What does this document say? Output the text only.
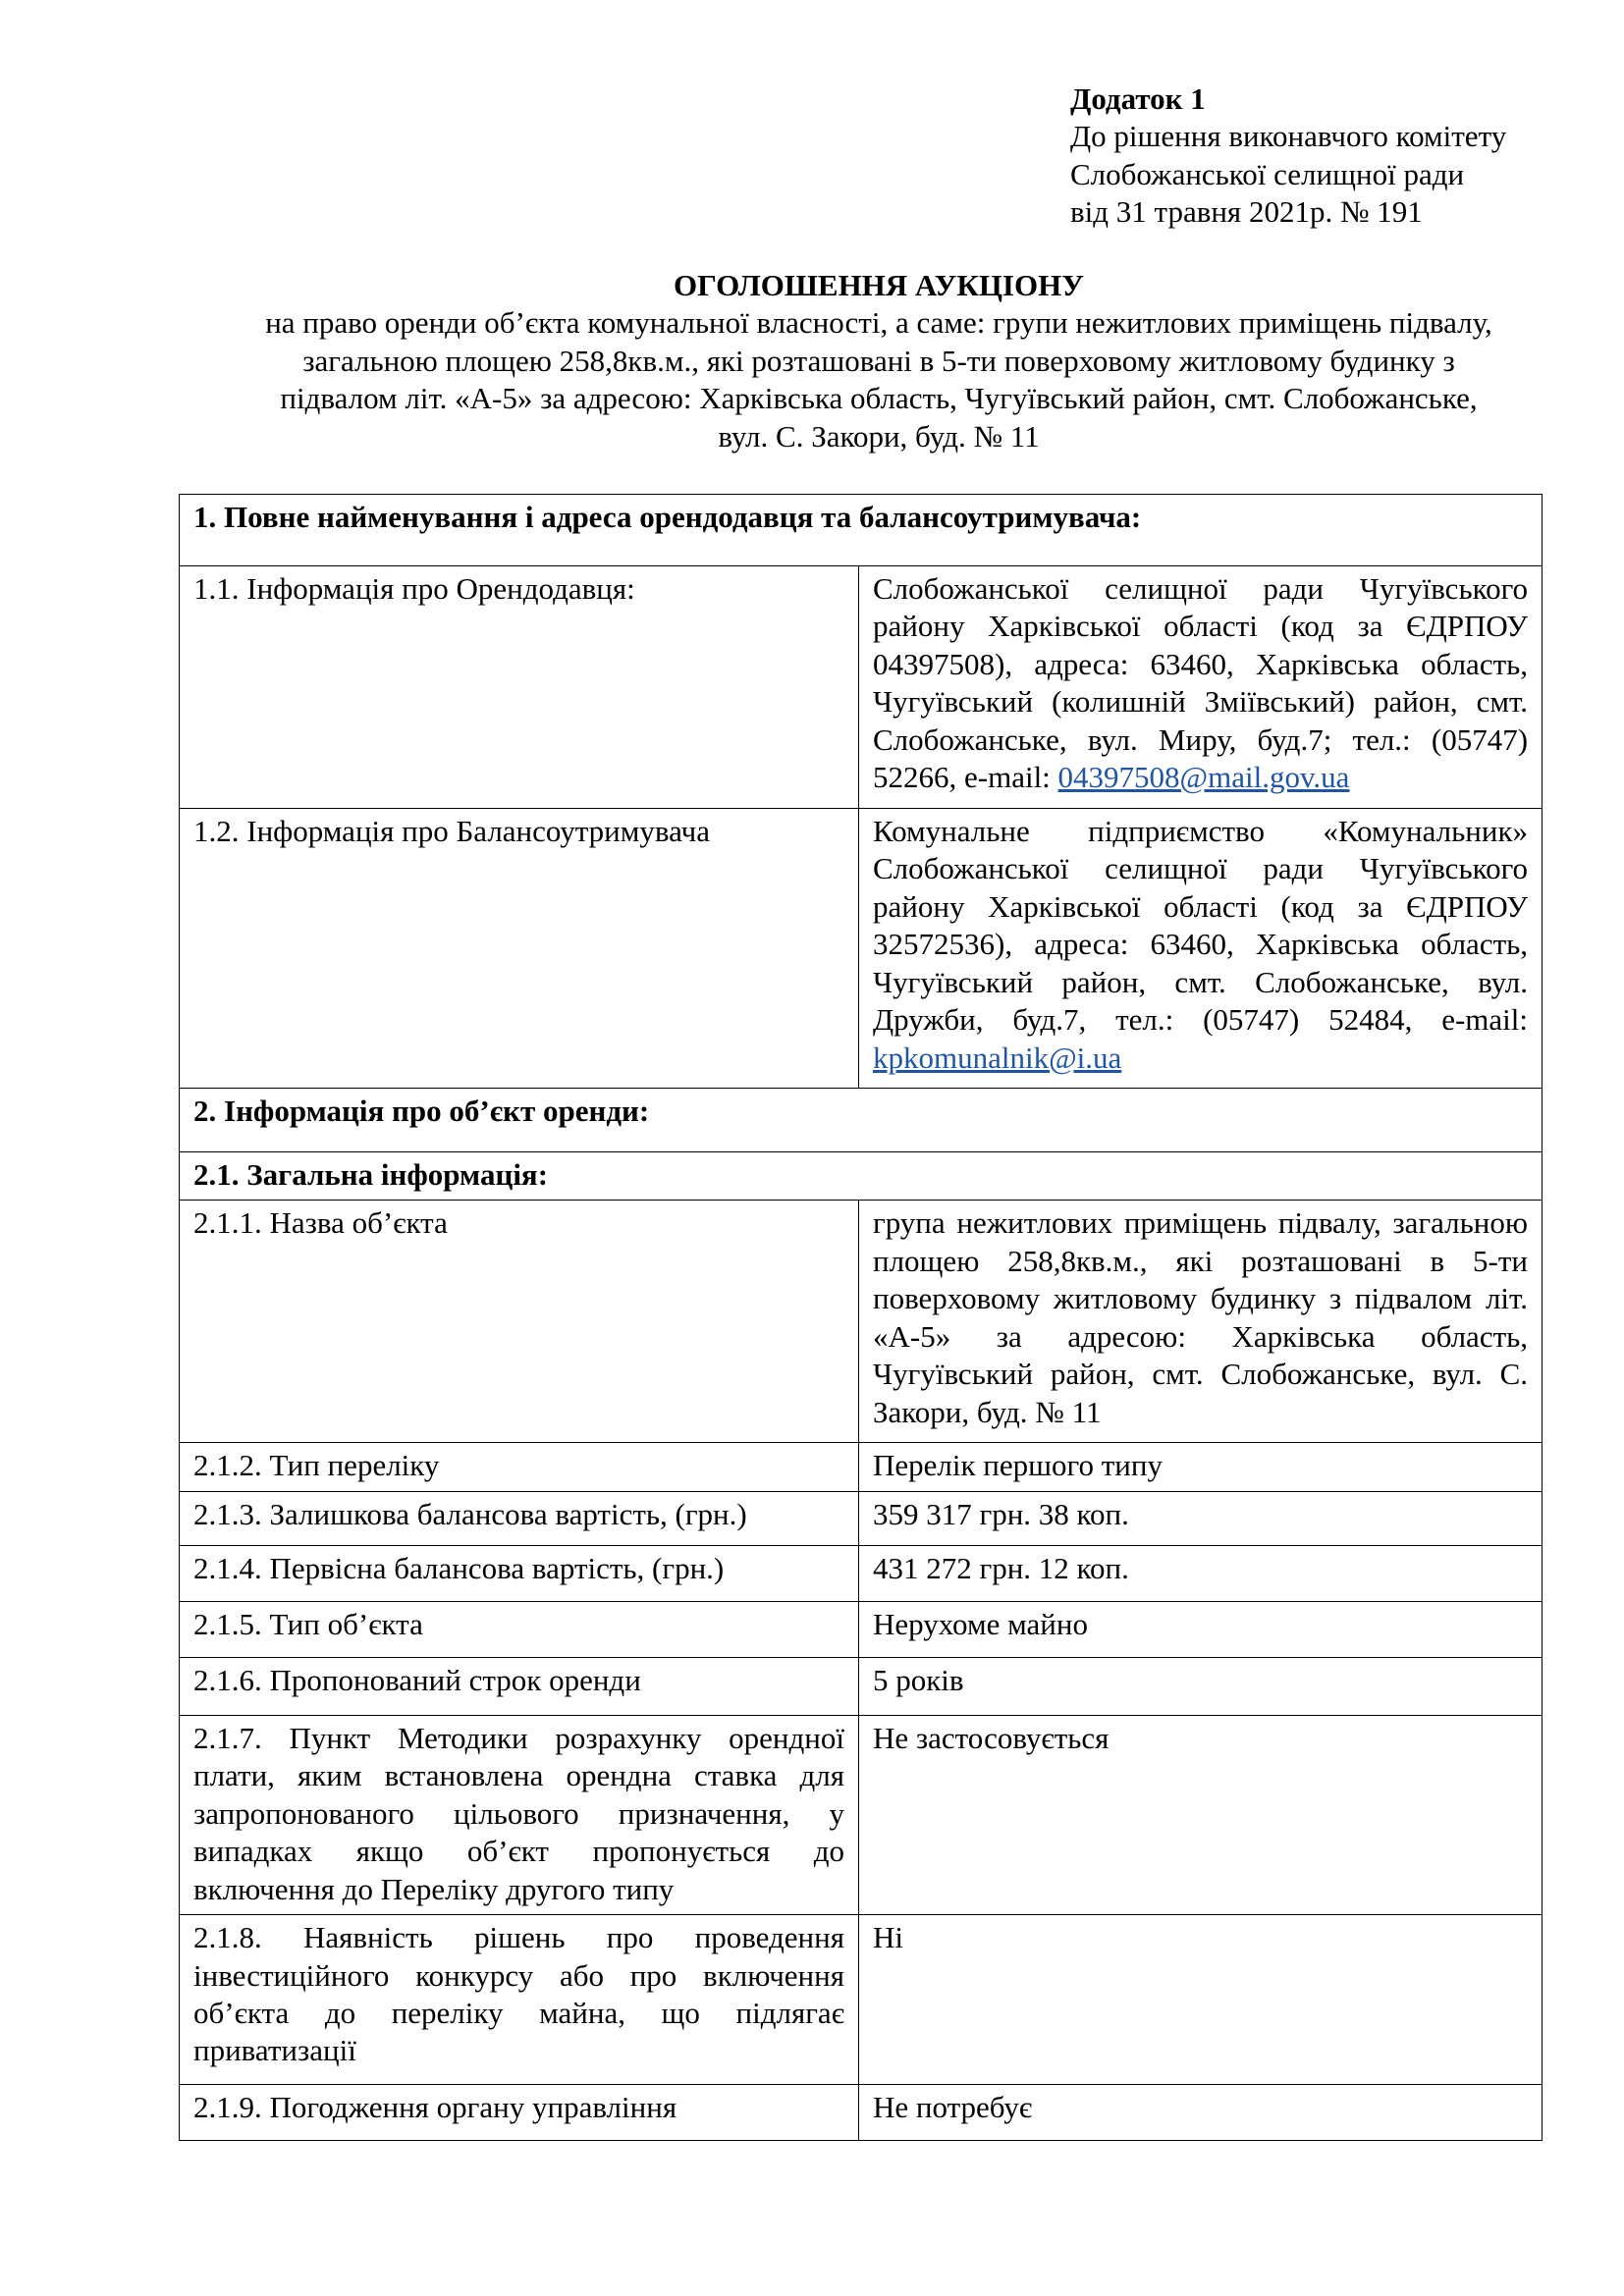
Додаток 1
До рішення виконавчого комітету
Слобожанської селищної ради
від 31 травня 2021р. № 191
ОГОЛОШЕННЯ АУКЦІОНУ
на право оренди об’єкта комунальної власності, а саме: групи нежитлових приміщень підвалу,
загальною площею 258,8кв.м., які розташовані в 5-ти поверховому житловому будинку з
підвалом літ. «А-5» за адресою: Харківська область, Чугуївський район, смт. Слобожанське,
вул. С. Закори, буд. № 11
1. Повне найменування і адреса орендодавця та балансоутримувача:	
1.1. Інформація про Орендодавця:	Слобожанської селищної ради Чугуївського району Харківської області (код за ЄДРПОУ 04397508), адреса: 63460, Харківська область, Чугуївський (колишній Зміївський) район, смт. Слобожанське, вул. Миру, буд.7; тел.: (05747) 52266, e-mail: 04397508@mail.gov.ua
1.2. Інформація про Балансоутримувача	Комунальне підприємство «Комунальник» Слобожанської селищної ради Чугуївського району Харківської області (код за ЄДРПОУ 32572536), адреса: 63460, Харківська область, Чугуївський район, смт. Слобожанське, вул. Дружби, буд.7, тел.: (05747) 52484, e-mail: kpkomunalnik@i.ua
2. Інформація про об’єкт оренди:	
2.1. Загальна інформація:	
2.1.1. Назва об’єкта	група нежитлових приміщень підвалу, загальною площею 258,8кв.м., які розташовані в 5-ти поверховому житловому будинку з підвалом літ. «А-5» за адресою: Харківська область, Чугуївський район, смт. Слобожанське, вул. С. Закори, буд. № 11
2.1.2. Тип переліку	Перелік першого типу
2.1.3. Залишкова балансова вартість, (грн.)	359 317 грн. 38 коп.
2.1.4. Первісна балансова вартість, (грн.)	431 272 грн. 12 коп.
2.1.5. Тип об’єкта	Нерухоме майно
2.1.6. Пропонований строк оренди	5 років
2.1.7. Пункт Методики розрахунку орендної плати, яким встановлена орендна ставка для запропонованого цільового призначення, у випадках якщо об’єкт пропонується до включення до Переліку другого типу	Не застосовується
2.1.8. Наявність рішень про проведення інвестиційного конкурсу або про включення об’єкта до переліку майна, що підлягає приватизації	Ні
2.1.9. Погодження органу управління	Не потребує
